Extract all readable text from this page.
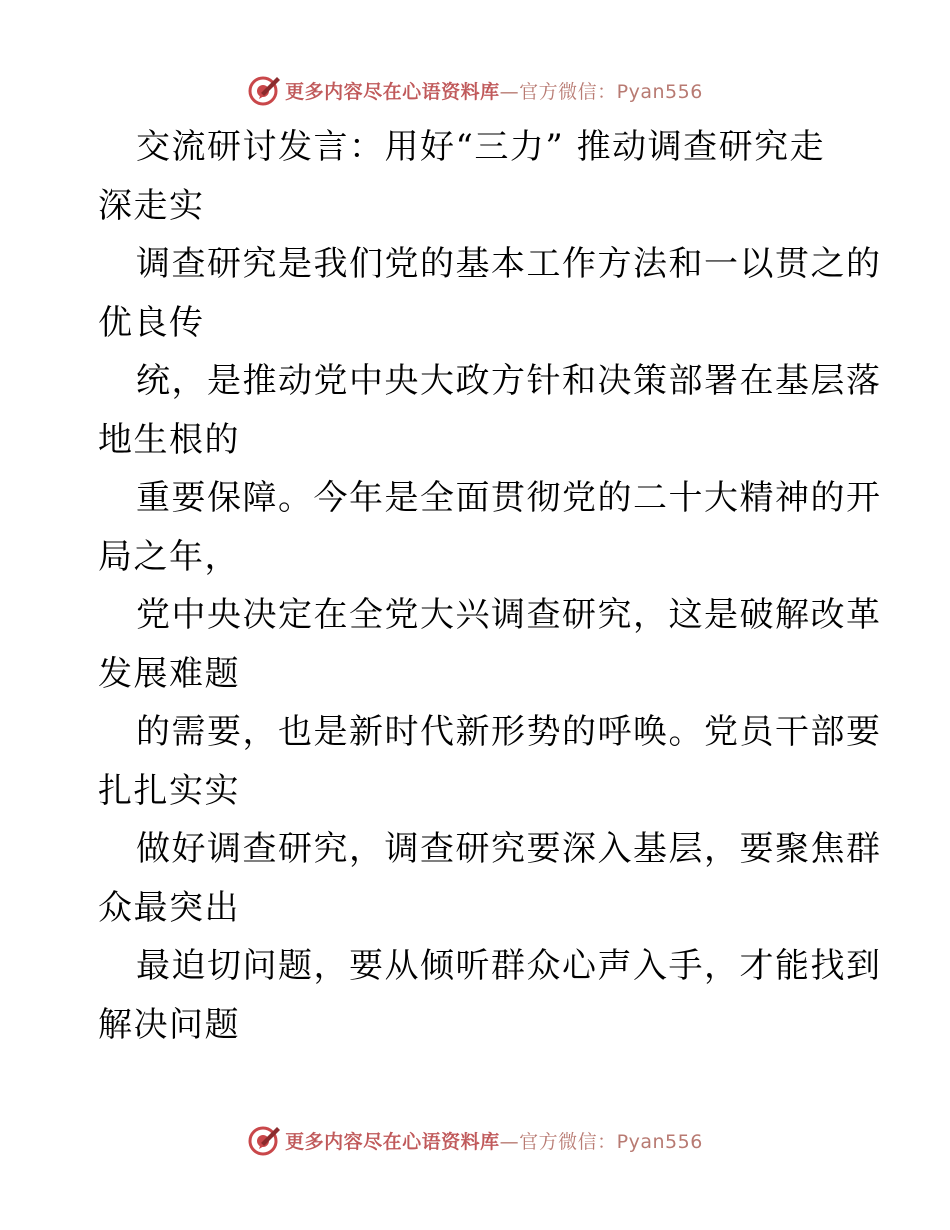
更多内容尽在心语资料库—官方微信：Pyan556
交流研讨发言：用好“三力” 推动调查研究走
深走实
调查研究是我们党的基本工作方法和一以贯之的
优良传
统，是推动党中央大政方针和决策部署在基层落
地生根的
重要保障。今年是全面贯彻党的二十大精神的开
局之年，
党中央决定在全党大兴调查研究，这是破解改革
发展难题
的需要，也是新时代新形势的呼唤。党员干部要
扎扎实实
做好调查研究，调查研究要深入基层，要聚焦群
众最突出
最迫切问题，要从倾听群众心声入手，才能找到
解决问题
更多内容尽在心语资料库—官方微信：Pyan556
